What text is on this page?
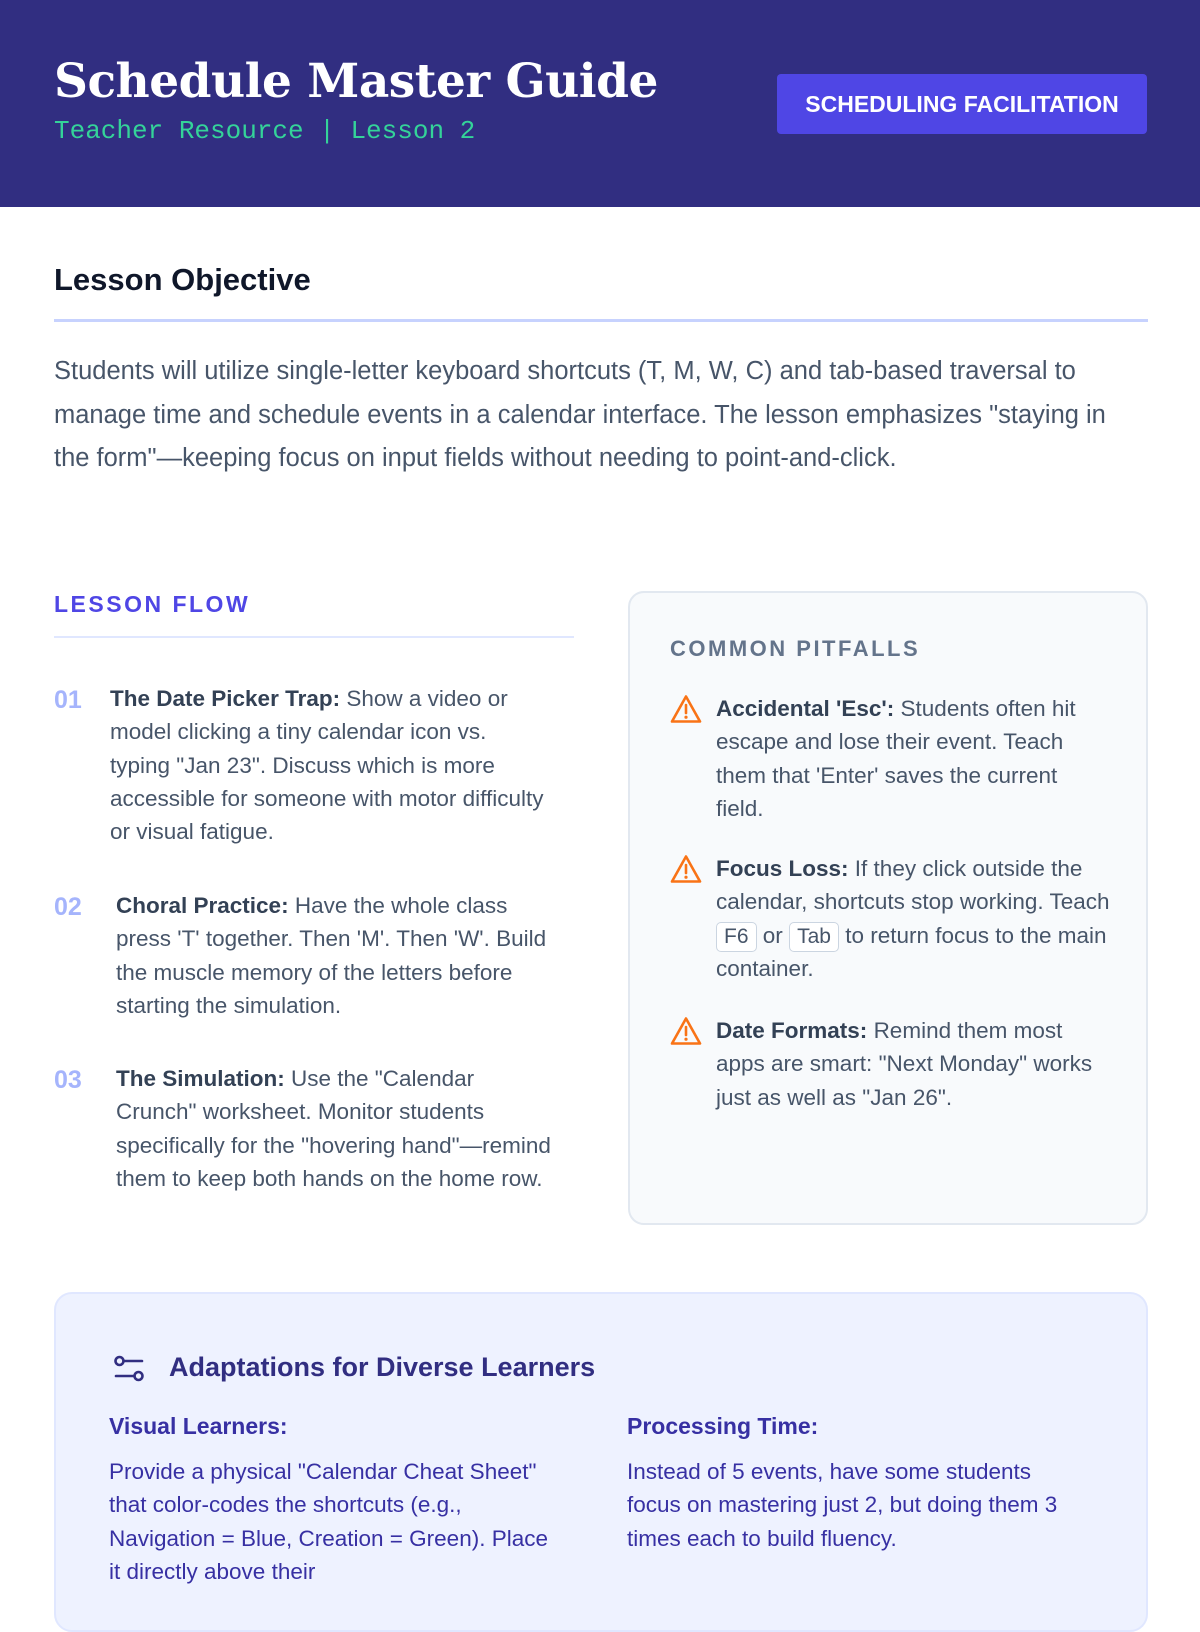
Schedule Master Guide
Teacher Resource | Lesson 2
SCHEDULING FACILITATION
Lesson Objective
Students will utilize single-letter keyboard shortcuts (T, M, W, C) and tab-based traversal to manage time and schedule events in a calendar interface. The lesson emphasizes "staying in the form"—keeping focus on input fields without needing to point-and-click.
LESSON FLOW
01 The Date Picker Trap: Show a video or model clicking a tiny calendar icon vs. typing "Jan 23". Discuss which is more accessible for someone with motor difficulty or visual fatigue.
02 Choral Practice: Have the whole class press 'T' together. Then 'M'. Then 'W'. Build the muscle memory of the letters before starting the simulation.
03 The Simulation: Use the "Calendar Crunch" worksheet. Monitor students specifically for the "hovering hand"—remind them to keep both hands on the home row.
COMMON PITFALLS
Accidental 'Esc': Students often hit escape and lose their event. Teach them that 'Enter' saves the current field.
Focus Loss: If they click outside the calendar, shortcuts stop working. Teach F6 or Tab to return focus to the main container.
Date Formats: Remind them most apps are smart: "Next Monday" works just as well as "Jan 26".
Adaptations for Diverse Learners
Visual Learners:
Provide a physical "Calendar Cheat Sheet" that color-codes the shortcuts (e.g., Navigation = Blue, Creation = Green). Place it directly above their
Processing Time:
Instead of 5 events, have some students focus on mastering just 2, but doing them 3 times each to build fluency.
